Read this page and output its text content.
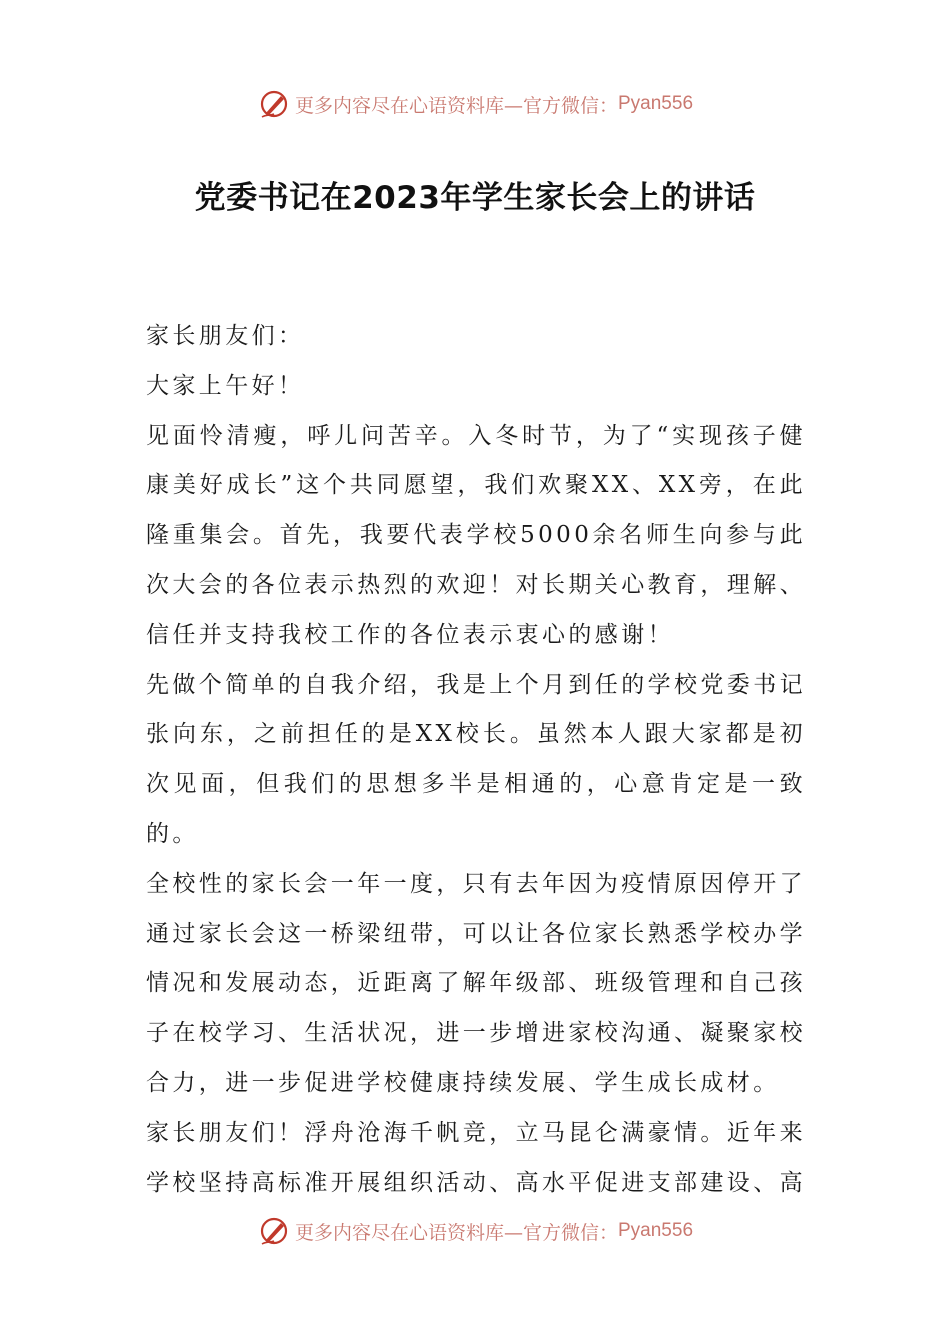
更多内容尽在心语资料库—官方微信： Pyan556
党委书记在2023年学生家长会上的讲话

家长朋友们：

大家上午好！

见面怜清瘦，呼儿问苦辛。入冬时节，为了“实现孩子健康美好成长”这个共同愿望，我们欢聚XX、XX旁，在此隆重集会。首先，我要代表学校5000余名师生向参与此次大会的各位表示热烈的欢迎！对长期关心教育，理解、信任并支持我校工作的各位表示衷心的感谢！

先做个简单的自我介绍，我是上个月到任的学校党委书记张向东，之前担任的是XX校长。虽然本人跟大家都是初次见面，但我们的思想多半是相通的，心意肯定是一致的。

全校性的家长会一年一度，只有去年因为疫情原因停开了通过家长会这一桥梁纽带，可以让各位家长熟悉学校办学情况和发展动态，近距离了解年级部、班级管理和自己孩子在校学习、生活状况，进一步增进家校沟通、凝聚家校合力，进一步促进学校健康持续发展、学生成长成材。

家长朋友们！浮舟沧海千帆竞，立马昆仑满豪情。近年来学校坚持高标准开展组织活动、高水平促进支部建设、高

更多内容尽在心语资料库—官方微信： Pyan556
